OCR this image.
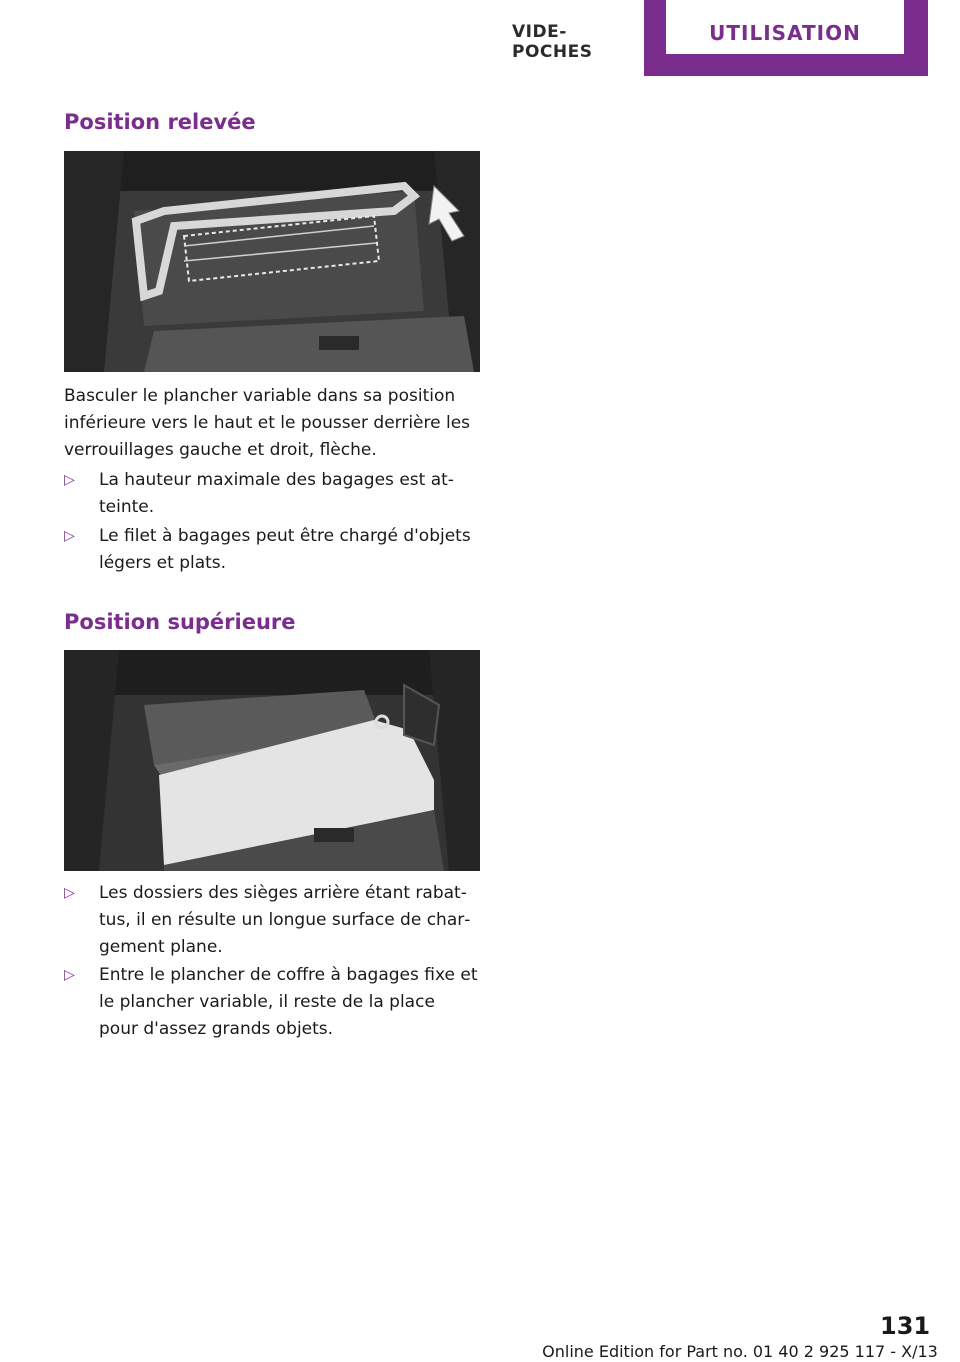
VIDE-POCHES
UTILISATION
Position relevée
Basculer le plancher variable dans sa position inférieure vers le haut et le pousser derrière les verrouillages gauche et droit, flèche.
▷ La hauteur maximale des bagages est atteinte.
▷ Le filet à bagages peut être chargé d'objets légers et plats.
Position supérieure
▷ Les dossiers des sièges arrière étant rabattus, il en résulte un longue surface de chargement plane.
▷ Entre le plancher de coffre à bagages fixe et le plancher variable, il reste de la place pour d'assez grands objets.
131
Online Edition for Part no. 01 40 2 925 117 - X/13
